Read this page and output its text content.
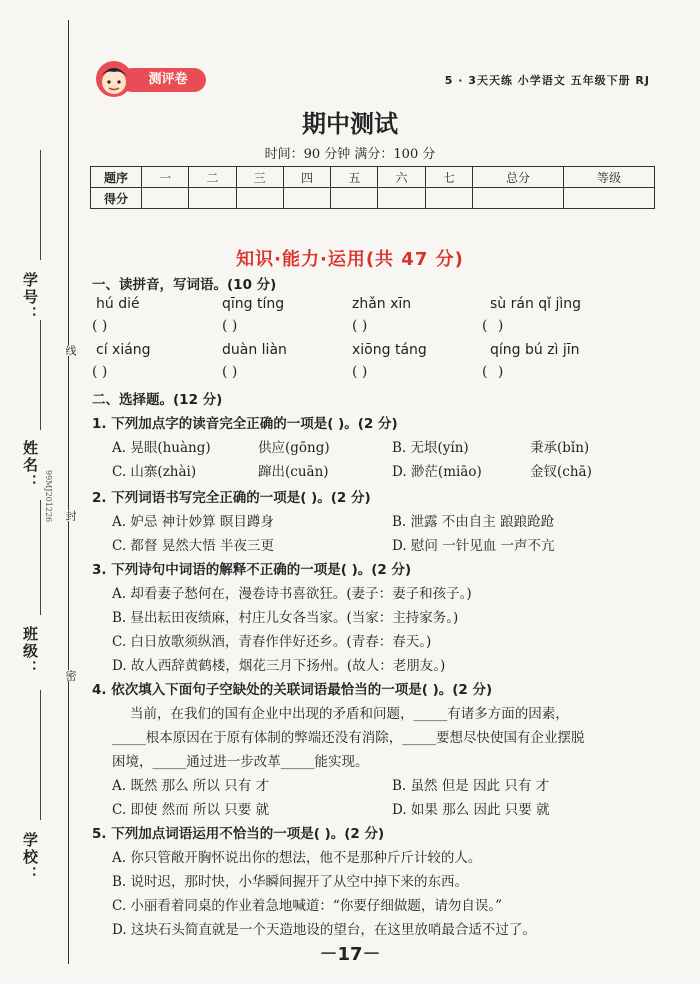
学号：
姓名：
班级：
学校：
线
封
密
99MJ201226
测评卷	5 · 3天天练 小学语文 五年级下册 RJ
期中测试
时间：90 分钟 满分：100 分
题序	一	二	三	四	五	六	七	总分	等级
得分									
知识·能力·运用(共 47 分)
一、读拼音，写词语。(10 分)
hú dié	qīng tíng	zhǎn xīn	sù rán qǐ jìng
( )	( )	( )	( )
cí xiáng	duàn liàn	xiōng táng	qíng bú zì jīn
( )	( )	( )	( )
二、选择题。(12 分)
1. 下列加点字的读音完全正确的一项是( )。(2 分)
A. 晃眼(huàng)	供应(gōng)	B. 无垠(yín)	秉承(bǐn)
C. 山寨(zhài)	蹿出(cuān)	D. 渺茫(miāo)	金钗(chā)
2. 下列词语书写完全正确的一项是( )。(2 分)
A. 妒忌 神计妙算 瞑目蹲身	B. 泄露 不由自主 踉踉跄跄
C. 都督 晃然大悟 半夜三更	D. 慰问 一针见血 一声不亢
3. 下列诗句中词语的解释不正确的一项是( )。(2 分)
A. 却看妻子愁何在，漫卷诗书喜欲狂。(妻子：妻子和孩子。)
B. 昼出耘田夜绩麻，村庄儿女各当家。(当家：主持家务。)
C. 白日放歌须纵酒，青春作伴好还乡。(青春：春天。)
D. 故人西辞黄鹤楼，烟花三月下扬州。(故人：老朋友。)
4. 依次填入下面句子空缺处的关联词语最恰当的一项是( )。(2 分)
当前，在我们的国有企业中出现的矛盾和问题，_____有诸多方面的因素，
_____根本原因在于原有体制的弊端还没有消除，_____要想尽快使国有企业摆脱
困境，_____通过进一步改革_____能实现。
A. 既然 那么 所以 只有 才	B. 虽然 但是 因此 只有 才
C. 即使 然而 所以 只要 就	D. 如果 那么 因此 只要 就
5. 下列加点词语运用不恰当的一项是( )。(2 分)
A. 你只管敞开胸怀说出你的想法，他不是那种斤斤计较的人。
B. 说时迟，那时快，小华瞬间握开了从空中掉下来的东西。
C. 小丽看着同桌的作业着急地喊道：“你要仔细做题，请勿自误。”
D. 这块石头简直就是一个天造地设的望台，在这里放哨最合适不过了。
－17－
